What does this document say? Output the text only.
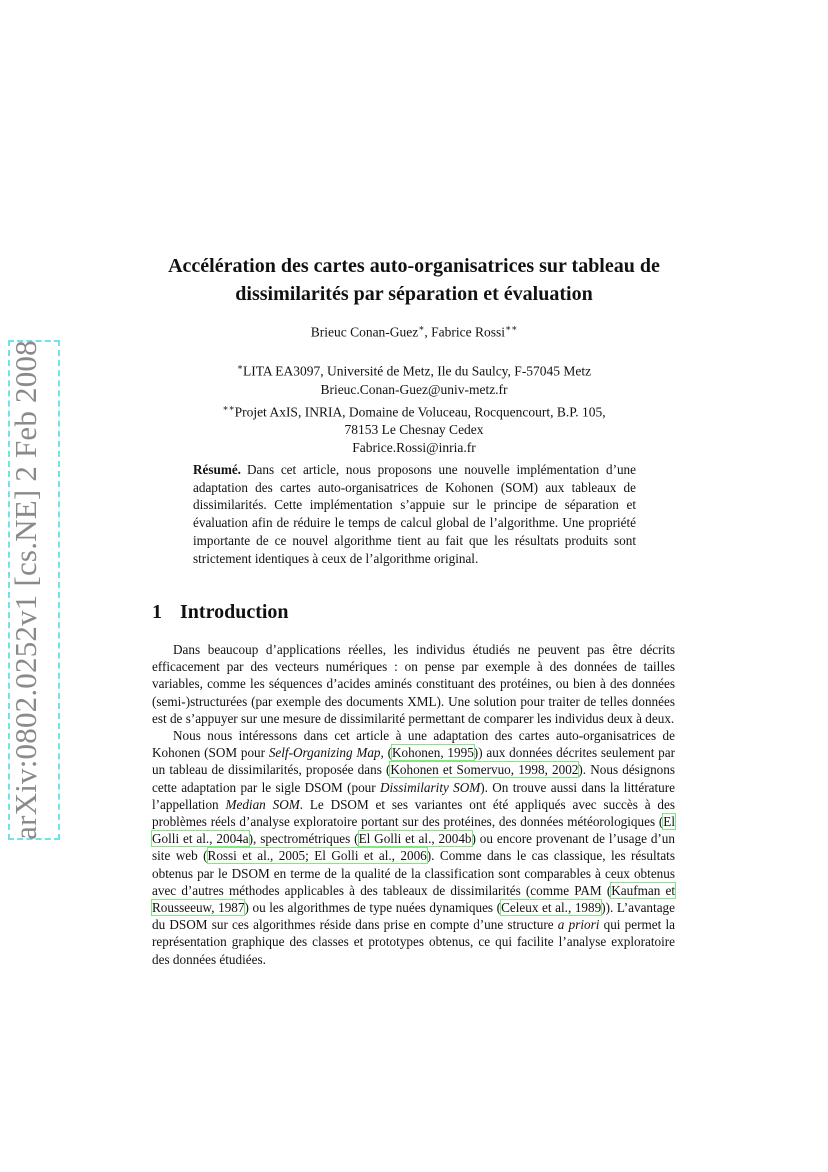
arXiv:0802.0252v1 [cs.NE] 2 Feb 2008
Accélération des cartes auto-organisatrices sur tableau de
dissimilarités par séparation et évaluation
Brieuc Conan-Guez∗, Fabrice Rossi∗∗
∗LITA EA3097, Université de Metz, Ile du Saulcy, F-57045 Metz
Brieuc.Conan-Guez@univ-metz.fr
∗∗Projet AxIS, INRIA, Domaine de Voluceau, Rocquencourt, B.P. 105,
78153 Le Chesnay Cedex
Fabrice.Rossi@inria.fr
Résumé. Dans cet article, nous proposons une nouvelle implémentation d’une adaptation des cartes auto-organisatrices de Kohonen (SOM) aux tableaux de dissimilarités. Cette implémentation s’appuie sur le principe de séparation et évaluation afin de réduire le temps de calcul global de l’algorithme. Une propriété importante de ce nouvel algorithme tient au fait que les résultats produits sont strictement identiques à ceux de l’algorithme original.
1 Introduction

Dans beaucoup d’applications réelles, les individus étudiés ne peuvent pas être décrits efficacement par des vecteurs numériques : on pense par exemple à des données de tailles variables, comme les séquences d’acides aminés constituant des protéines, ou bien à des données (semi-)structurées (par exemple des documents XML). Une solution pour traiter de telles données est de s’appuyer sur une mesure de dissimilarité permettant de comparer les individus deux à deux.

Nous nous intéressons dans cet article à une adaptation des cartes auto-organisatrices de Kohonen (SOM pour Self-Organizing Map, (Kohonen, 1995)) aux données décrites seulement par un tableau de dissimilarités, proposée dans (Kohonen et Somervuo, 1998, 2002). Nous désignons cette adaptation par le sigle DSOM (pour Dissimilarity SOM). On trouve aussi dans la littérature l’appellation Median SOM. Le DSOM et ses variantes ont été appliqués avec succès à des problèmes réels d’analyse exploratoire portant sur des protéines, des données météorologiques (El Golli et al., 2004a), spectrométriques (El Golli et al., 2004b) ou encore provenant de l’usage d’un site web (Rossi et al., 2005; El Golli et al., 2006). Comme dans le cas classique, les résultats obtenus par le DSOM en terme de la qualité de la classification sont comparables à ceux obtenus avec d’autres méthodes applicables à des tableaux de dissimilarités (comme PAM (Kaufman et Rousseeuw, 1987) ou les algorithmes de type nuées dynamiques (Celeux et al., 1989)). L’avantage du DSOM sur ces algorithmes réside dans prise en compte d’une structure a priori qui permet la représentation graphique des classes et prototypes obtenus, ce qui facilite l’analyse exploratoire des données étudiées.
